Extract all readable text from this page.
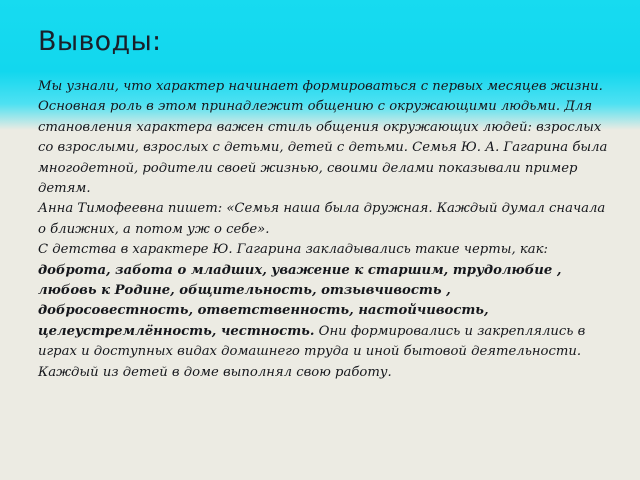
Выводы:

Мы узнали, что характер начинает формироваться с первых месяцев жизни. Основная роль в этом принадлежит общению с окружающими людьми. Для становления характера важен стиль общения окружающих людей: взрослых со взрослыми, взрослых с детьми, детей с детьми. Семья Ю. А. Гагарина была многодетной, родители своей жизнью, своими делами показывали пример детям.

Анна Тимофеевна пишет: «Семья наша была дружная. Каждый думал сначала о ближних, а потом уж о себе».

С детства в характере Ю. Гагарина закладывались такие черты, как: доброта, забота о младших, уважение к старшим, трудолюбие , любовь к Родине, общительность, отзывчивость , добросовестность, ответственность, настойчивость, целеустремлённость, честность. Они формировались и закреплялись в играх и доступных видах домашнего труда и иной бытовой деятельности. Каждый из детей в доме выполнял свою работу.
